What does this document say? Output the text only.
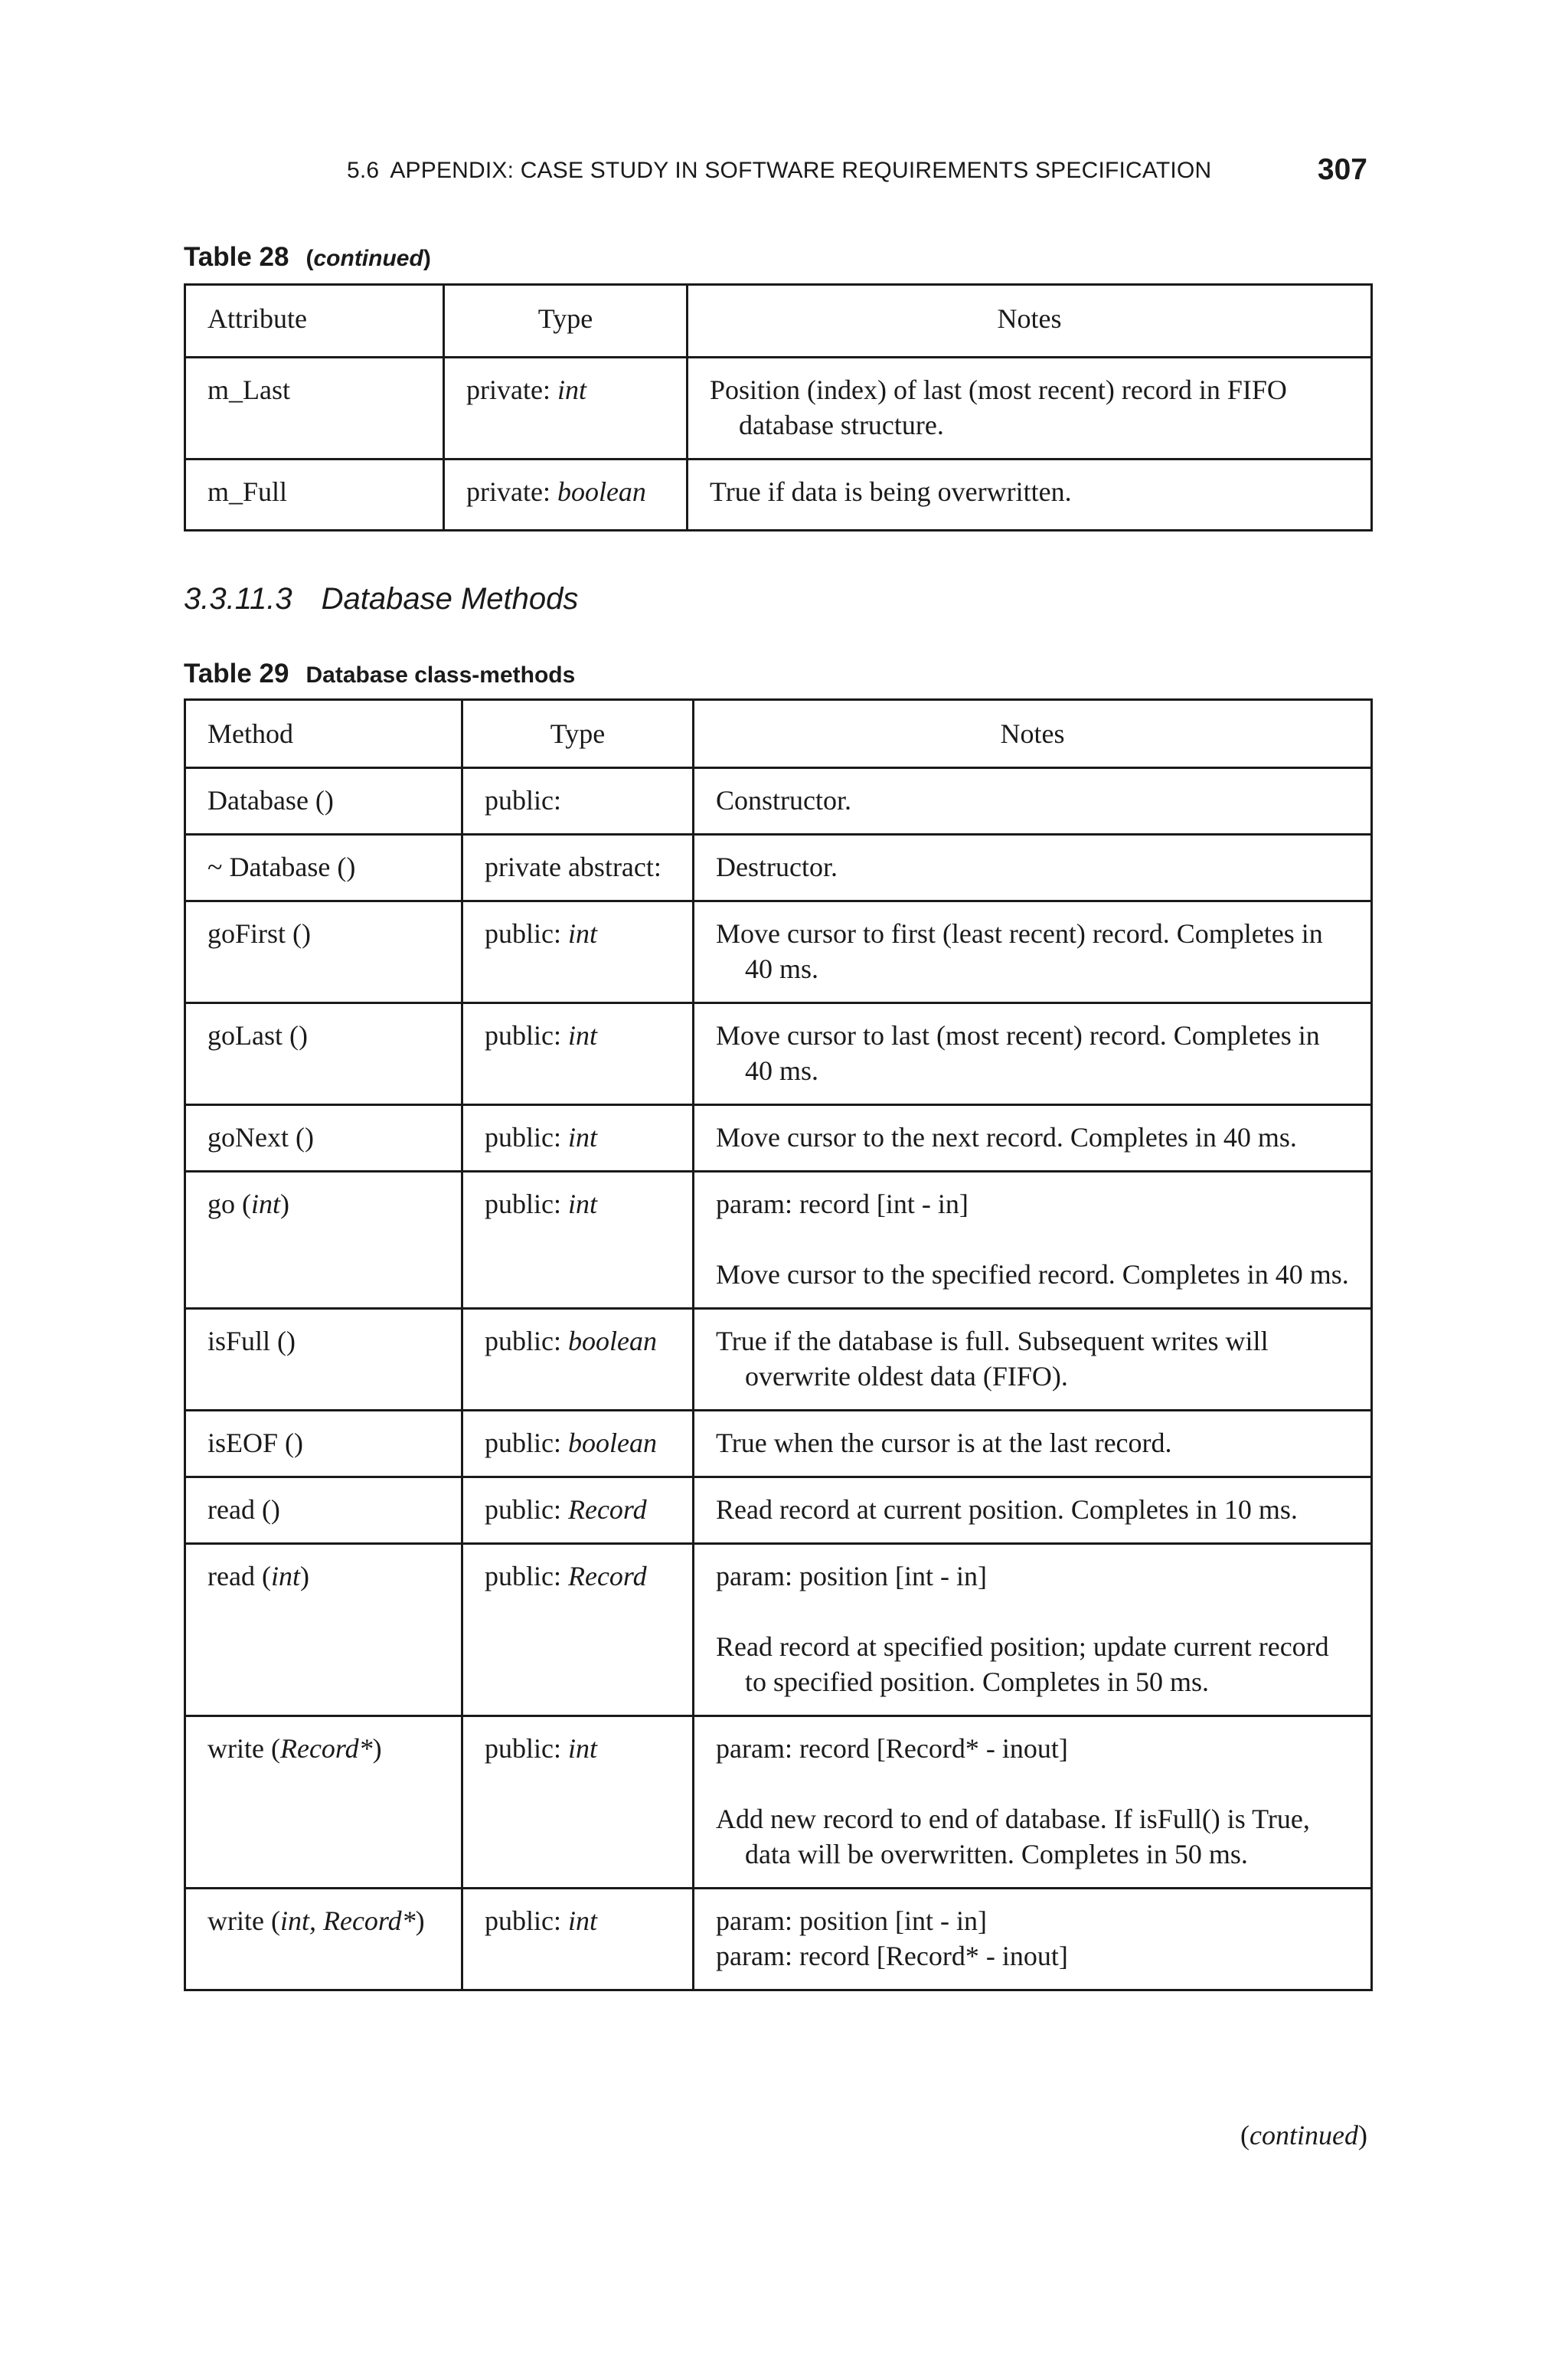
5.6 APPENDIX: CASE STUDY IN SOFTWARE REQUIREMENTS SPECIFICATION	307
Table 28 (continued)
Attribute	Type	Notes
m_Last	private: int	Position (index) of last (most recent) record in FIFO database structure.

m_Full	private: boolean	True if data is being overwritten.
3.3.11.3 Database Methods
Table 29 Database class-methods
Method	Type	Notes
Database ()	public:	Constructor.

~ Database ()	private abstract:	Destructor.

goFirst ()	public: int	Move cursor to first (least recent) record. Completes in 40 ms.

goLast ()	public: int	Move cursor to last (most recent) record. Completes in 40 ms.

goNext ()	public: int	Move cursor to the next record. Completes in 40 ms.

go (int)	public: int	param: record [int - in]
Move cursor to the specified record. Completes in 40 ms.

isFull ()	public: boolean	True if the database is full. Subsequent writes will overwrite oldest data (FIFO).

isEOF ()	public: boolean	True when the cursor is at the last record.

read ()	public: Record	Read record at current position. Completes in 10 ms.

read (int)	public: Record	param: position [int - in]
Read record at specified position; update current record to specified position. Completes in 50 ms.

write (Record*)	public: int	param: record [Record* - inout]
Add new record to end of database. If isFull() is True, data will be overwritten. Completes in 50 ms.

write (int, Record*)	public: int	param: position [int - in]
param: record [Record* - inout]
(continued)
